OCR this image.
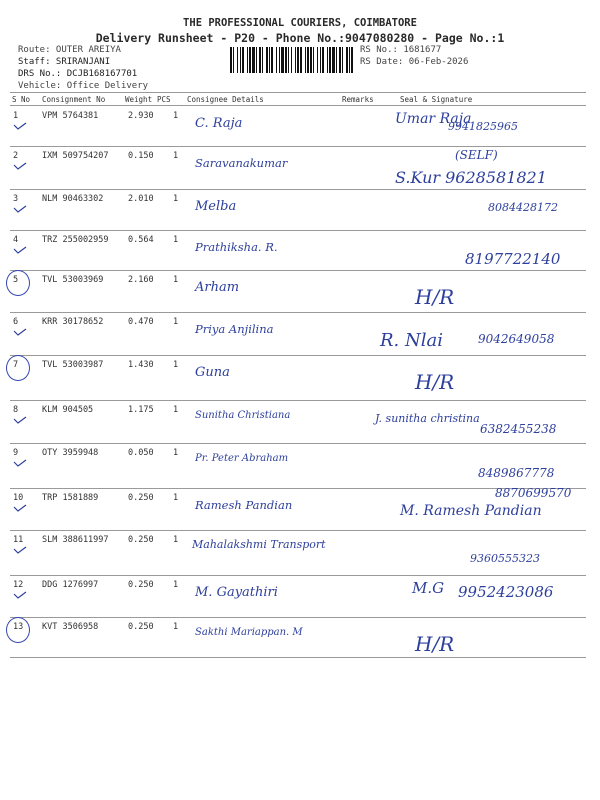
THE PROFESSIONAL COURIERS, COIMBATORE
Delivery Runsheet - P20 - Phone No.:9047080280 - Page No.:1
Route: OUTER AREIYA
Staff: SRIRANJANI
DRS No.: DCJB168167701
Vehicle: Office Delivery
RS No.: 1681677
RS Date: 06-Feb-2026
S No Consignment No	Weight PCS Consignee Details	Remarks	Seal & Signature
1	VPM 5764381	2.930 1 C. Raja	Umar Raja
9941825965
2	IXM 509754207 0.150 1 Saravanakumar
(SELF)
S.Kur 9628581821
3	NLM 90463302	2.010 1 Melba	8084428172
4	TRZ 255002959 0.564 1 Prathiksha. R.
8197722140
5	TVL 53003969	2.160 1 Arham	H/R
6	KRR 30178652	0.470 1 Priya Anjilina
R. Nlai	9042649058
7	TVL 53003987	1.430 1 Guna	H/R
8	KLM 904505	1.175 1 Sunitha Christiana	J. sunitha christina
6382455238
9	OTY 3959948	0.050 1 Pr. Peter Abraham
8489867778
10 TRP 1581889	0.250 1 Ramesh Pandian	M. Ramesh Pandian
8870699570
11 SLM 388611997 0.250 1 Mahalakshmi Transport
9360555323
12 DDG 1276997	0.250 1 M. Gayathiri	M.G 9952423086
13 KVT 3506958	0.250 1 Sakthi Mariappan. M	H/R
